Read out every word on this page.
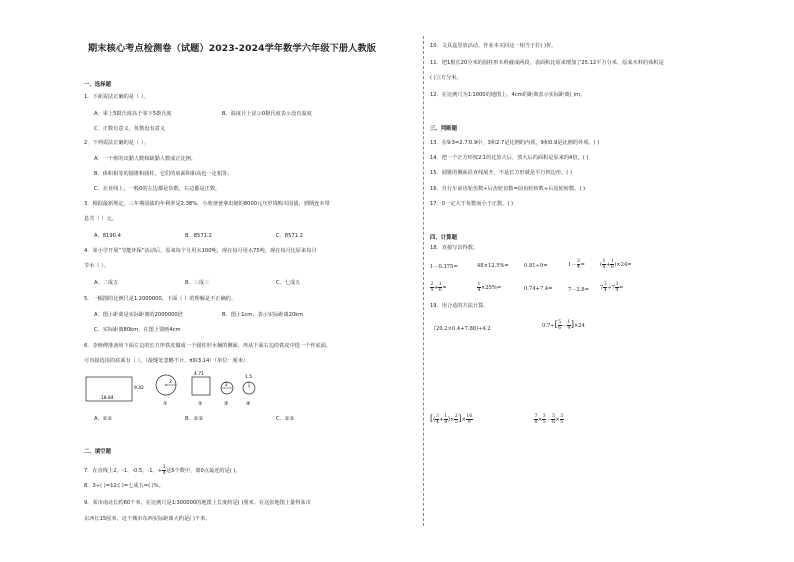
期末核心考点检测卷（试题）2023-2024学年数学六年级下册人教版
一、选择题
1．下面说法正确的是（ ）。
A．零上5摄氏度高于零下5摄氏度	B．温度计上显示0摄氏度表示没有温度
C．正数有意义，负数没有意义
2．下列说法正确的是（ ）。
A．一个班的出勤人数和缺勤人数成正比例。
B．体积相等的圆锥和圆柱，它们的底面积和高也一定相等。
C．在直线上，一般0的左边都是负数，右边都是正数。
3．根据最新规定，三年期国债的年利率是2.38%，小欣爸爸拿出她的8000元压岁钱购买国债，到期连本带
息共（ ）元。
A．8190.4	B．8571.2	C．8571.2
4．某小学开展“节能环保”活动后，原来每个月用水100吨，现在每月用水75吨，现在每月比原来每月
节水（ ）。
A．二成五	B．三成三	C．七成五
5．一幅图的比例尺是1∶2000000，下面（ ）的理解是不正确的。
A．图上距离是实际距离的2000000倍	B．图上1cm，表示实际距离20km
C．实际距离80km，在图上要画4cm
6．李师傅准备用下面左边的长方形铁皮做成一个圆柱形水桶的侧面，再从下面右边的铁皮中选一个作底面。
可直接选用的底面有（ ）。（接缝处忽略不计，π取3.14）（单位：厘米）
18.84
9.42
3
4.71
2
1.5
①	②	③	④
A．①②	B．①③	C．②③
二、填空题
7．在直线上2、-1、-0.5、-1、+ $\frac{1}{4}$ 这5个数中，离0点最近的是( )。
8．3÷( )=12∶( )=七成五=( )%。
9．某市南北长约60千米，在比例尺是1∶300000的地图上长度约是( )厘米。在这张地图上量得某市
东西长15厘米，这个城市东西实际距离大约是( )千米。
10．文具盒里放活动，作业本买回这一相当于打( )折。
11．把1根长20分米的圆柱形木料截成两段，表面积比原来增加了25.12平方分米，原来木料的体积是
( )立方分米。
12．在比例尺为1∶1000的地图上，4cm的距离表示实际距离( )m。
三、判断题
13．在9∶3=2.7∶0.9中，3和2.7是比例的内项，9和0.9是比例的外项。( )
14．把一个正方形按2∶1的比放大后，放大后的面积是原来的4倍。( )
15．圆锥的侧面沿直线展开，不是长方形就是平行四边形。( )
16．自行车前齿轮齿数÷后齿轮齿数=前齿轮转数÷后齿轮转数。( )
17．0一定大于负数而小于正数。( )
四、计算题
18．直接写出得数。
1－0.375=	48×12.5%=	0.81÷9=	$1- \frac{3}{4}$ =	( $\frac{1}{4} + \frac{1}{6} )\times 24=$
$\frac{2}{5} + \frac{1}{6}$ =	$\frac{1}{4} \times 25\%=$	0.74+7.4=	$7-2.8= 7 \frac{3}{4} \div 7 \frac{3}{4}$ =
19．用合适的方法计算。
(20.2×0.4+7.88)÷4.2	$0.7\div[ \frac{5}{6} - \frac{1}{4} ]\times 24$
[( $\frac{3}{4} + \frac{1}{4}$ )× $\frac{2}{5}$ ]× $\frac{16}{9}$	$\frac{7}{8} \times \frac{3}{5} - \frac{3}{8} \times \frac{3}{5}$
